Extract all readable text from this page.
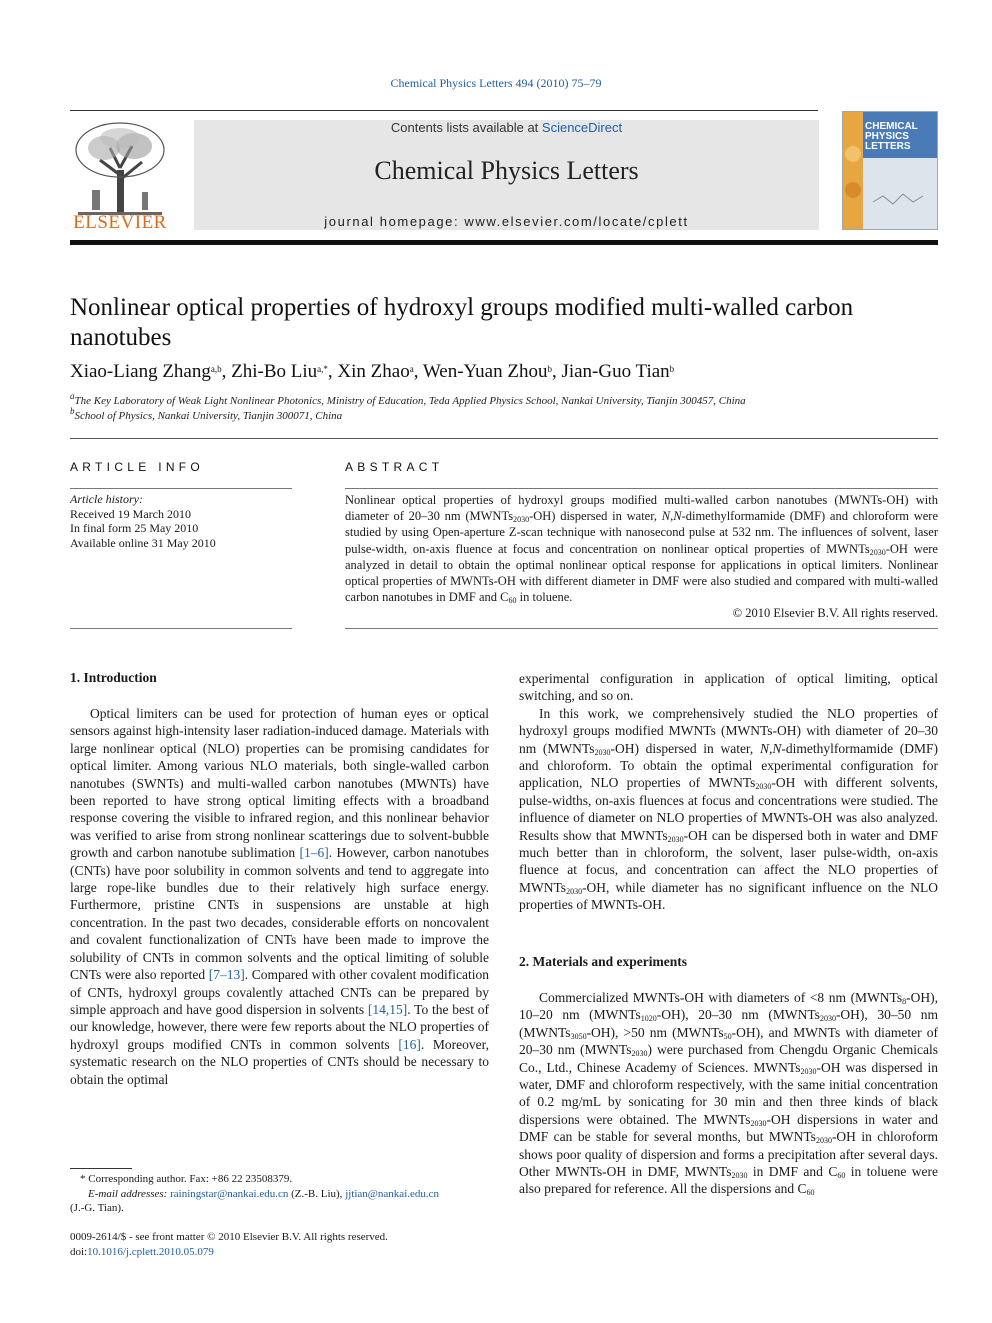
Chemical Physics Letters 494 (2010) 75–79
ELSEVIER
Contents lists available at ScienceDirect
Chemical Physics Letters
journal homepage: www.elsevier.com/locate/cplett
CHEMICAL
PHYSICS
LETTERS
Nonlinear optical properties of hydroxyl groups modified multi-walled carbon nanotubes
Xiao-Liang Zhang$^{a,b}$, Zhi-Bo Liu$^{a,*}$, Xin Zhao$^a$, Wen-Yuan Zhou$^b$, Jian-Guo Tian$^b$
$^a$The Key Laboratory of Weak Light Nonlinear Photonics, Ministry of Education, Teda Applied Physics School, Nankai University, Tianjin 300457, China
$^b$School of Physics, Nankai University, Tianjin 300071, China
ARTICLE INFO	ABSTRACT
Article history:
Received 19 March 2010
In final form 25 May 2010
Available online 31 May 2010
Nonlinear optical properties of hydroxyl groups modified multi-walled carbon nanotubes (MWNTs-OH) with diameter of 20–30 nm (MWNTs$_{2030}$-OH) dispersed in water, N,N-dimethylformamide (DMF) and chloroform were studied by using Open-aperture Z-scan technique with nanosecond pulse at 532 nm. The influences of solvent, laser pulse-width, on-axis fluence at focus and concentration on nonlinear optical properties of MWNTs$_{2030}$-OH were analyzed in detail to obtain the optimal nonlinear optical response for applications in optical limiters. Nonlinear optical properties of MWNTs-OH with different diameter in DMF were also studied and compared with multi-walled carbon nanotubes in DMF and $C_{60}$ in toluene.
© 2010 Elsevier B.V. All rights reserved.
1. Introduction

Optical limiters can be used for protection of human eyes or optical sensors against high-intensity laser radiation-induced damage. Materials with large nonlinear optical (NLO) properties can be promising candidates for optical limiter. Among various NLO materials, both single-walled carbon nanotubes (SWNTs) and multi-walled carbon nanotubes (MWNTs) have been reported to have strong optical limiting effects with a broadband response covering the visible to infrared region, and this nonlinear behavior was verified to arise from strong nonlinear scatterings due to solvent-bubble growth and carbon nanotube sublimation [1–6]. However, carbon nanotubes (CNTs) have poor solubility in common solvents and tend to aggregate into large rope-like bundles due to their relatively high surface energy. Furthermore, pristine CNTs in suspensions are unstable at high concentration. In the past two decades, considerable efforts on noncovalent and covalent functionalization of CNTs have been made to improve the solubility of CNTs in common solvents and the optical limiting of soluble CNTs were also reported [7–13]. Compared with other covalent modification of CNTs, hydroxyl groups covalently attached CNTs can be prepared by simple approach and have good dispersion in solvents [14,15]. To the best of our knowledge, however, there were few reports about the NLO properties of hydroxyl groups modified CNTs in common solvents [16]. Moreover, systematic research on the NLO properties of CNTs should be necessary to obtain the optimal

experimental configuration in application of optical limiting, optical switching, and so on.

In this work, we comprehensively studied the NLO properties of hydroxyl groups modified MWNTs (MWNTs-OH) with diameter of 20–30 nm (MWNTs$_{2030}$-OH) dispersed in water, N,N-dimethylformamide (DMF) and chloroform. To obtain the optimal experimental configuration for application, NLO properties of MWNTs$_{2030}$-OH with different solvents, pulse-widths, on-axis fluences at focus and concentrations were studied. The influence of diameter on NLO properties of MWNTs-OH was also analyzed. Results show that MWNTs$_{2030}$-OH can be dispersed both in water and DMF much better than in chloroform, the solvent, laser pulse-width, on-axis fluence at focus, and concentration can affect the NLO properties of MWNTs$_{2030}$-OH, while diameter has no significant influence on the NLO properties of MWNTs-OH.

2. Materials and experiments

Commercialized MWNTs-OH with diameters of <8 nm (MWNTs$_8$-OH), 10–20 nm (MWNTs$_{1020}$-OH), 20–30 nm (MWNTs$_{2030}$-OH), 30–50 nm (MWNTs$_{3050}$-OH), >50 nm (MWNTs$_{50}$-OH), and MWNTs with diameter of 20–30 nm (MWNTs$_{2030}$) were purchased from Chengdu Organic Chemicals Co., Ltd., Chinese Academy of Sciences. MWNTs$_{2030}$-OH was dispersed in water, DMF and chloroform respectively, with the same initial concentration of 0.2 mg/mL by sonicating for 30 min and then three kinds of black dispersions were obtained. The MWNTs$_{2030}$-OH dispersions in water and DMF can be stable for several months, but MWNTs$_{2030}$-OH in chloroform shows poor quality of dispersion and forms a precipitation after several days. Other MWNTs-OH in DMF, MWNTs$_{2030}$ in DMF and $C_{60}$ in toluene were also prepared for reference. All the dispersions and $C_{60}$

* Corresponding author. Fax: +86 22 23508379.
E-mail addresses: rainingstar@nankai.edu.cn (Z.-B. Liu), jjtian@nankai.edu.cn
(J.-G. Tian).
0009-2614/$ - see front matter © 2010 Elsevier B.V. All rights reserved.
doi:10.1016/j.cplett.2010.05.079
